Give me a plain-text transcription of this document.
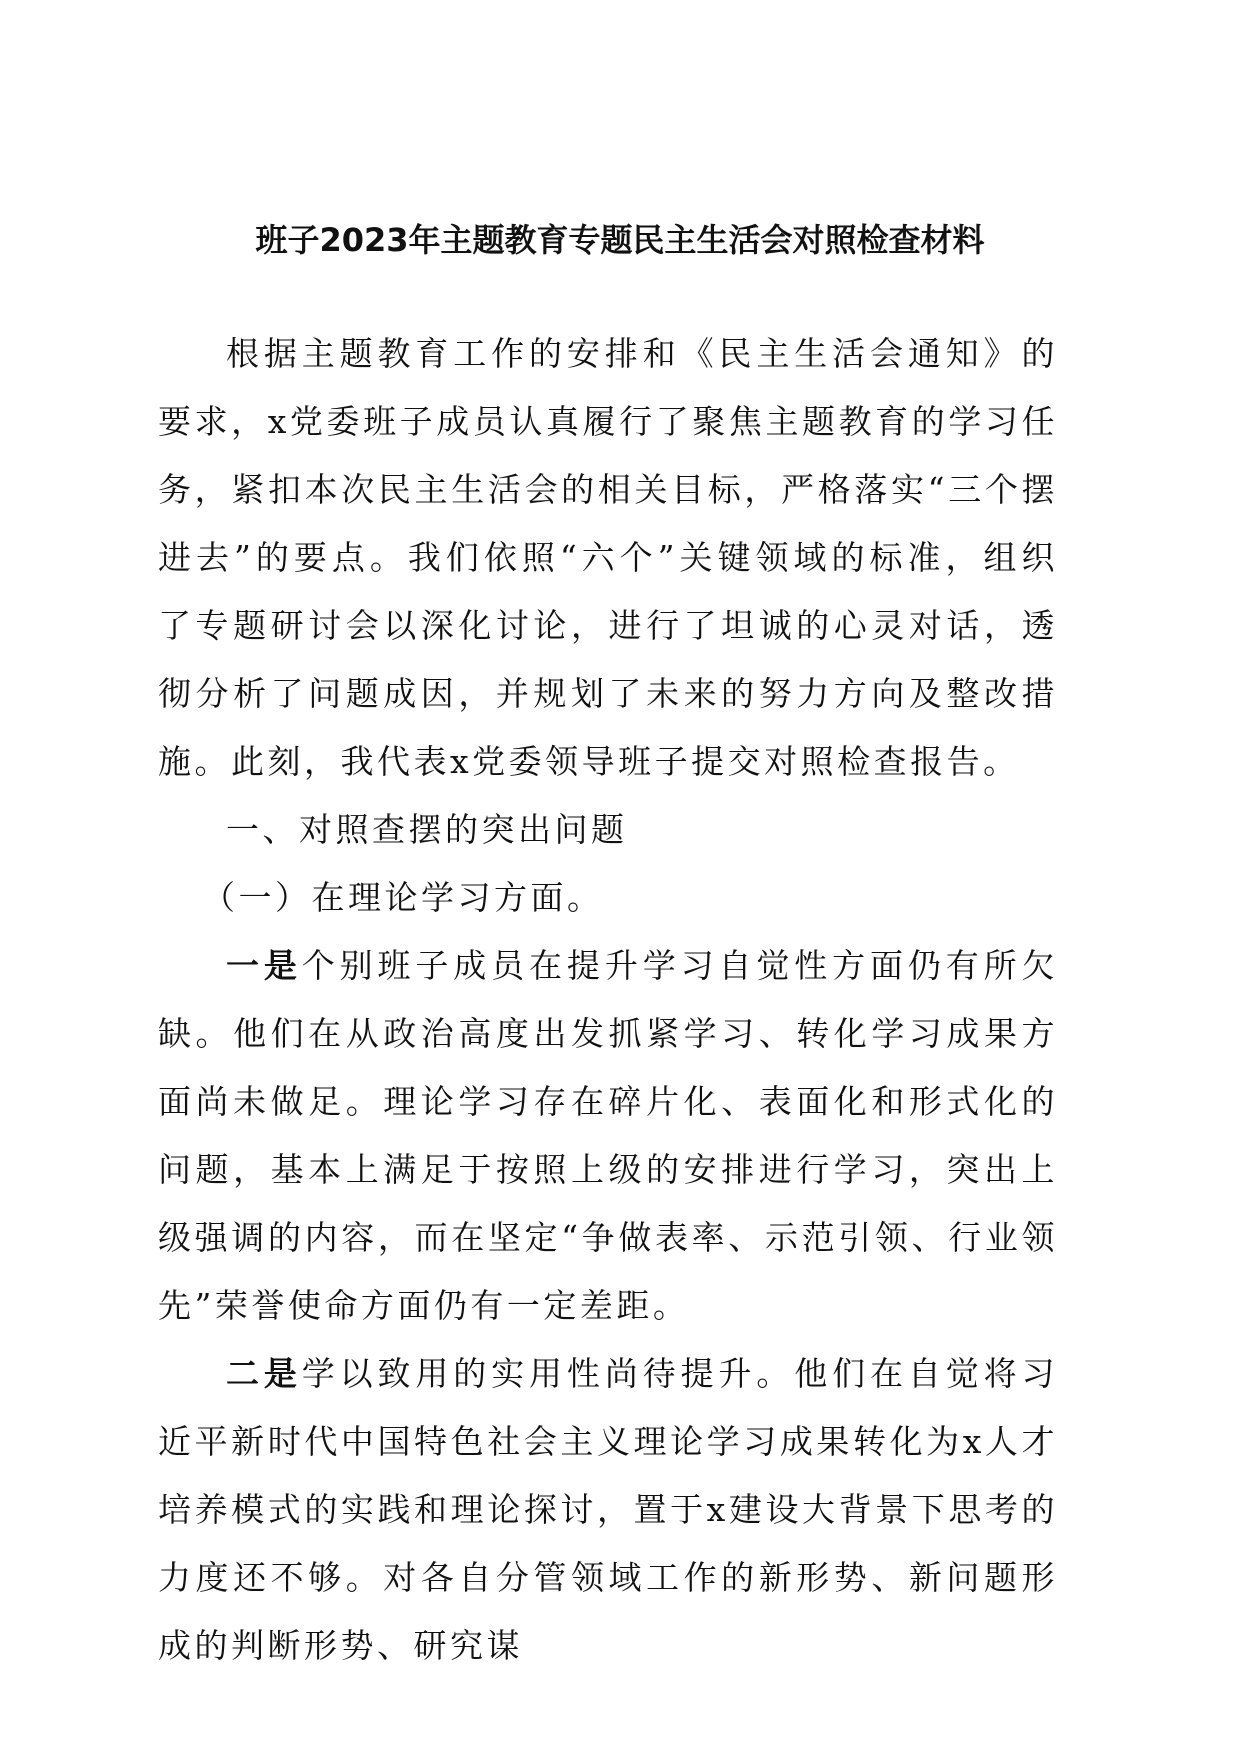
班子2023年主题教育专题民主生活会对照检查材料

根据主题教育工作的安排和《民主生活会通知》的要求，x党委班子成员认真履行了聚焦主题教育的学习任务，紧扣本次民主生活会的相关目标，严格落实“三个摆进去”的要点。我们依照“六个”关键领域的标准，组织了专题研讨会以深化讨论，进行了坦诚的心灵对话，透彻分析了问题成因，并规划了未来的努力方向及整改措施。此刻，我代表x党委领导班子提交对照检查报告。

一、对照查摆的突出问题

（一）在理论学习方面。

一是个别班子成员在提升学习自觉性方面仍有所欠缺。他们在从政治高度出发抓紧学习、转化学习成果方面尚未做足。理论学习存在碎片化、表面化和形式化的问题，基本上满足于按照上级的安排进行学习，突出上级强调的内容，而在坚定“争做表率、示范引领、行业领先”荣誉使命方面仍有一定差距。

二是学以致用的实用性尚待提升。他们在自觉将习近平新时代中国特色社会主义理论学习成果转化为x人才培养模式的实践和理论探讨，置于x建设大背景下思考的力度还不够。对各自分管领域工作的新形势、新问题形成的判断形势、研究谋
